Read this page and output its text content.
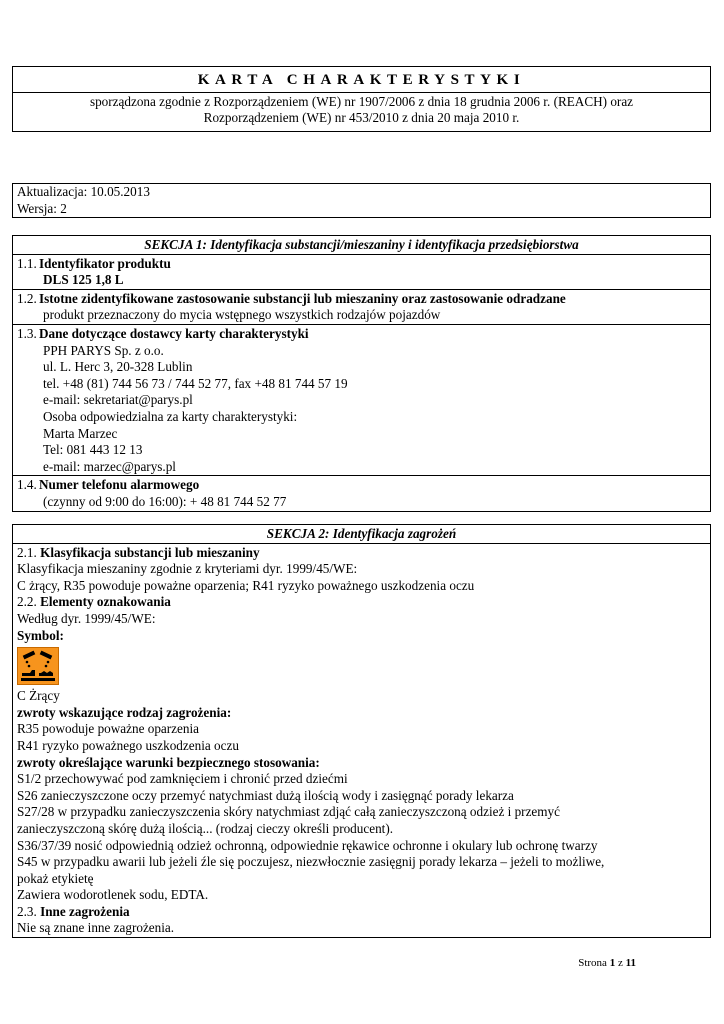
KARTA CHARAKTERYSTYKI
sporządzona zgodnie z Rozporządzeniem (WE) nr 1907/2006 z dnia 18 grudnia 2006 r. (REACH) oraz
Rozporządzeniem (WE) nr 453/2010 z dnia 20 maja 2010 r.
Aktualizacja: 10.05.2013
Wersja: 2
SEKCJA 1: Identyfikacja substancji/mieszaniny i identyfikacja przedsiębiorstwa
1.1. Identyfikator produktu
DLS 125 1,8 L
1.2. Istotne zidentyfikowane zastosowanie substancji lub mieszaniny oraz zastosowanie odradzane
produkt przeznaczony do mycia wstępnego wszystkich rodzajów pojazdów
1.3. Dane dotyczące dostawcy karty charakterystyki
PPH PARYS Sp. z o.o.
ul. L. Herc 3, 20-328 Lublin
tel. +48 (81) 744 56 73 / 744 52 77, fax +48 81 744 57 19
e-mail: sekretariat@parys.pl
Osoba odpowiedzialna za karty charakterystyki:
Marta Marzec
Tel: 081 443 12 13
e-mail: marzec@parys.pl
1.4. Numer telefonu alarmowego
(czynny od 9:00 do 16:00): + 48 81 744 52 77
SEKCJA 2: Identyfikacja zagrożeń
2.1. Klasyfikacja substancji lub mieszaniny
Klasyfikacja mieszaniny zgodnie z kryteriami dyr. 1999/45/WE:
C żrący, R35 powoduje poważne oparzenia; R41 ryzyko poważnego uszkodzenia oczu
2.2. Elementy oznakowania
Według dyr. 1999/45/WE:
Symbol:
C Żrący
zwroty wskazujące rodzaj zagrożenia:
R35 powoduje poważne oparzenia
R41 ryzyko poważnego uszkodzenia oczu
zwroty określające warunki bezpiecznego stosowania:
S1/2 przechowywać pod zamknięciem i chronić przed dziećmi
S26 zanieczyszczone oczy przemyć natychmiast dużą ilością wody i zasięgnąć porady lekarza
S27/28 w przypadku zanieczyszczenia skóry natychmiast zdjąć całą zanieczyszczoną odzież i przemyć
zanieczyszczoną skórę dużą ilością... (rodzaj cieczy określi producent).
S36/37/39 nosić odpowiednią odzież ochronną, odpowiednie rękawice ochronne i okulary lub ochronę twarzy
S45 w przypadku awarii lub jeżeli źle się poczujesz, niezwłocznie zasięgnij porady lekarza – jeżeli to możliwe,
pokaż etykietę
Zawiera wodorotlenek sodu, EDTA.
2.3. Inne zagrożenia
Nie są znane inne zagrożenia.
Strona 1 z 11
